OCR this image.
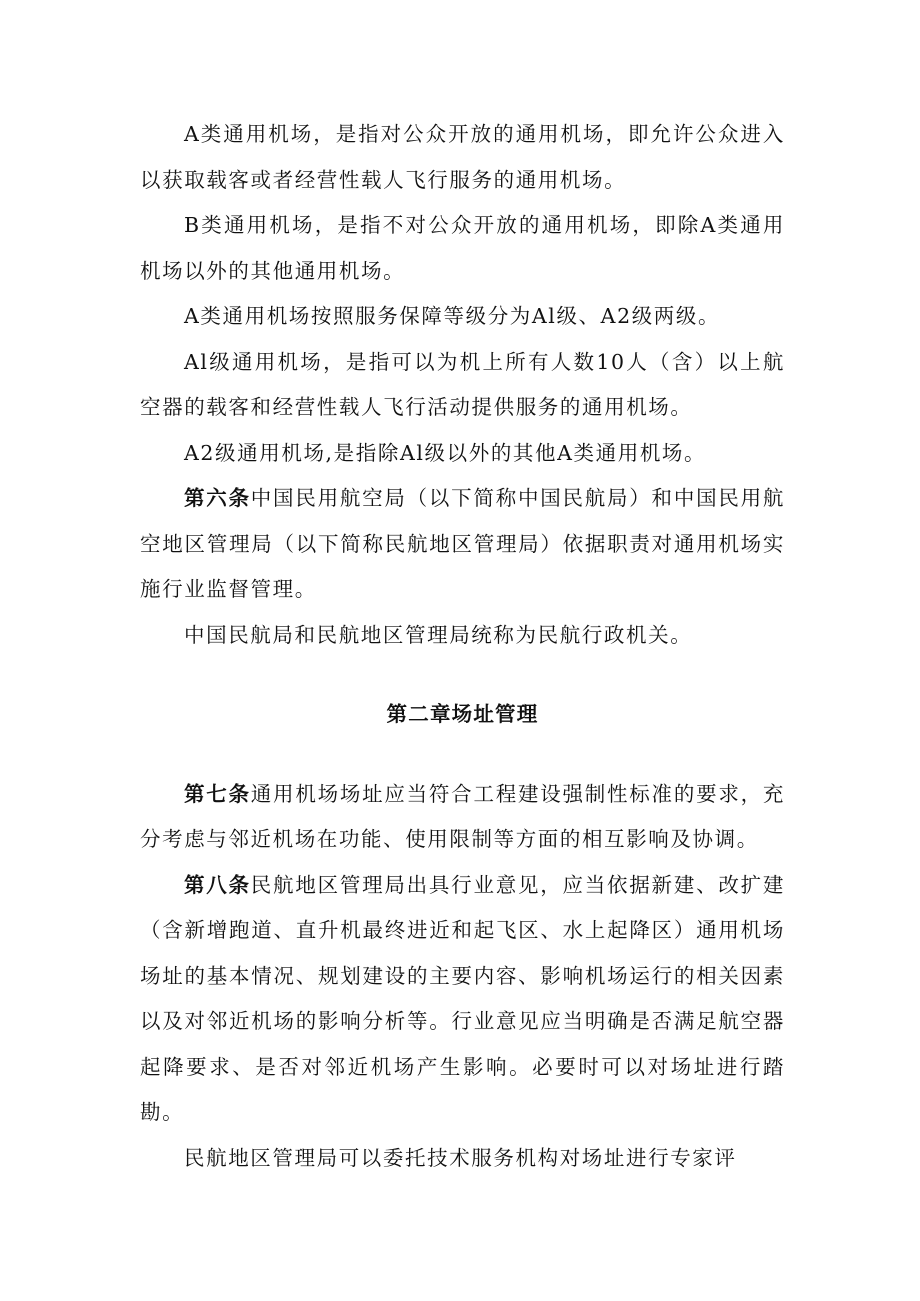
A类通用机场，是指对公众开放的通用机场，即允许公众进入以获取载客或者经营性载人飞行服务的通用机场。

B类通用机场，是指不对公众开放的通用机场，即除A类通用机场以外的其他通用机场。

A类通用机场按照服务保障等级分为Al级、A2级两级。

Al级通用机场，是指可以为机上所有人数10人（含）以上航空器的载客和经营性载人飞行活动提供服务的通用机场。

A2级通用机场,是指除Al级以外的其他A类通用机场。

第六条中国民用航空局（以下简称中国民航局）和中国民用航空地区管理局（以下简称民航地区管理局）依据职责对通用机场实施行业监督管理。

中国民航局和民航地区管理局统称为民航行政机关。

第二章场址管理

第七条通用机场场址应当符合工程建设强制性标准的要求，充分考虑与邻近机场在功能、使用限制等方面的相互影响及协调。

第八条民航地区管理局出具行业意见，应当依据新建、改扩建（含新增跑道、直升机最终进近和起飞区、水上起降区）通用机场场址的基本情况、规划建设的主要内容、影响机场运行的相关因素以及对邻近机场的影响分析等。行业意见应当明确是否满足航空器起降要求、是否对邻近机场产生影响。必要时可以对场址进行踏勘。

民航地区管理局可以委托技术服务机构对场址进行专家评
